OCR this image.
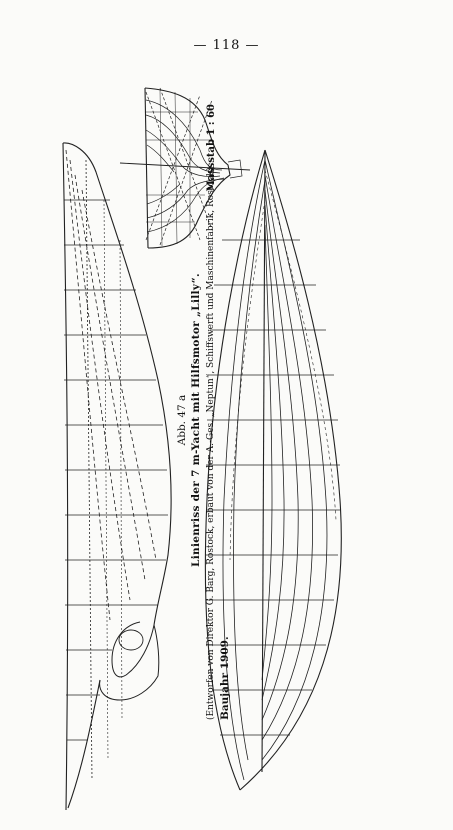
— 118 —
Abb. 47 a Linienriss der 7 m-Yacht mit Hilfsmotor „Lilly“. (Entworfen von Direktor G. Barg, Rostock, erbaut von der A.-Ges. „Neptun“, Schiffswerft und Maschinenfabrik, Rostock) Baujahr 1909.
Massstab 1 : 60
